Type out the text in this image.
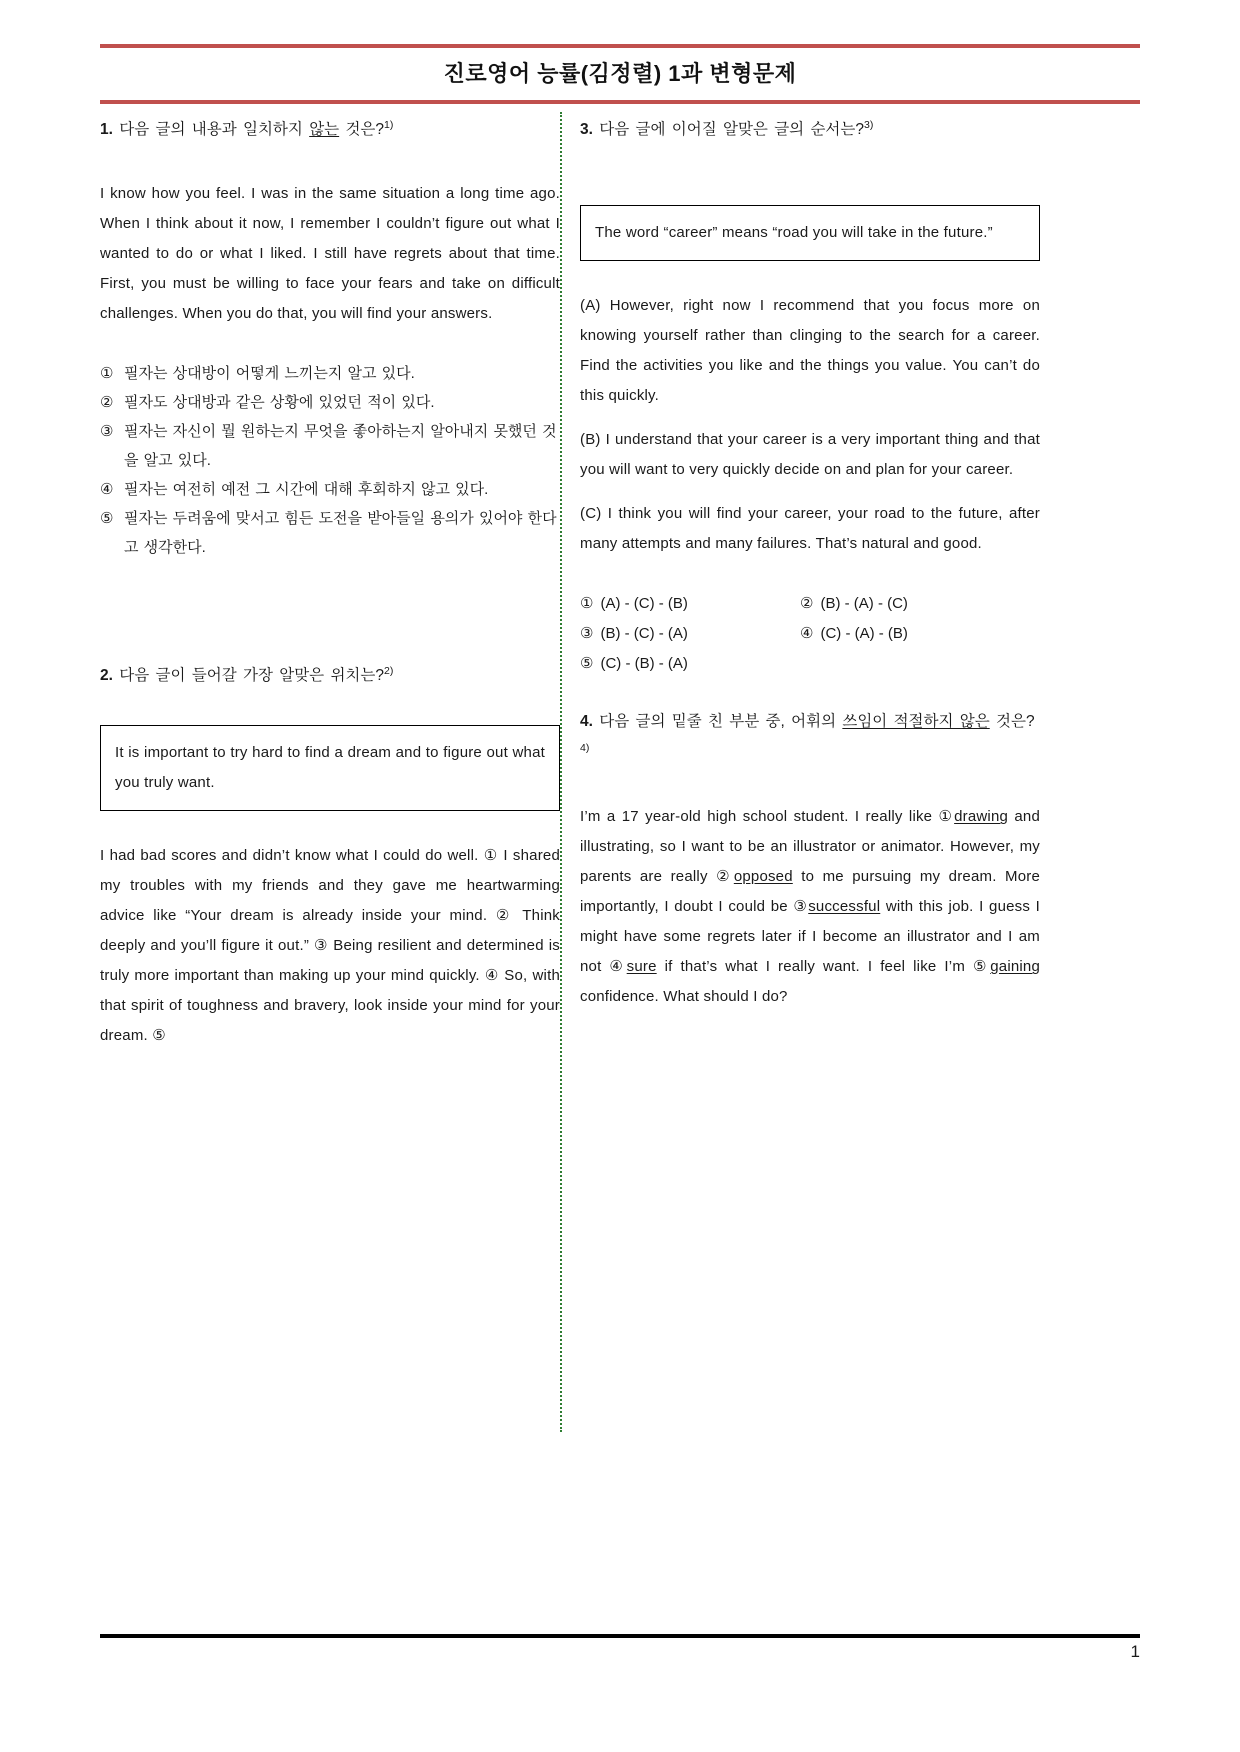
진로영어 능률(김정렬) 1과 변형문제
1. 다음 글의 내용과 일치하지 않는 것은?$^{1)}$

I know how you feel. I was in the same situation a long time ago. When I think about it now, I remember I couldn’t figure out what I wanted to do or what I liked. I still have regrets about that time. First, you must be willing to face your fears and take on difficult challenges. When you do that, you will find your answers.

① 필자는 상대방이 어떻게 느끼는지 알고 있다.
② 필자도 상대방과 같은 상황에 있었던 적이 있다.
③ 필자는 자신이 뭘 원하는지 무엇을 좋아하는지 알아내지 못했던 것을 알고 있다.
④ 필자는 여전히 예전 그 시간에 대해 후회하지 않고 있다.
⑤ 필자는 두려움에 맞서고 힘든 도전을 받아들일 용의가 있어야 한다고 생각한다.
2. 다음 글이 들어갈 가장 알맞은 위치는?$^{2)}$
It is important to try hard to find a dream and to figure out what you truly want.

I had bad scores and didn’t know what I could do well. ① I shared my troubles with my friends and they gave me heartwarming advice like “Your dream is already inside your mind. ② Think deeply and you’ll figure it out.” ③ Being resilient and determined is truly more important than making up your mind quickly. ④ So, with that spirit of toughness and bravery, look inside your mind for your dream. ⑤

3. 다음 글에 이어질 알맞은 글의 순서는?$^{3)}$
The word “career” means “road you will take in the future.”

(A) However, right now I recommend that you focus more on knowing yourself rather than clinging to the search for a career. Find the activities you like and the things you value. You can’t do this quickly.

(B) I understand that your career is a very important thing and that you will want to very quickly decide on and plan for your career.

(C) I think you will find your career, your road to the future, after many attempts and many failures. That’s natural and good.

① (A) - (C) - (B)	② (B) - (A) - (C)
③ (B) - (C) - (A)	④ (C) - (A) - (B)
⑤ (C) - (B) - (A)
4. 다음 글의 밑줄 친 부분 중, 어휘의 쓰임이 적절하지 않은 것은?$^{4)}$

I’m a 17 year-old high school student. I really like ①drawing and illustrating, so I want to be an illustrator or animator. However, my parents are really ②opposed to me pursuing my dream. More importantly, I doubt I could be ③successful with this job. I guess I might have some regrets later if I become an illustrator and I am not ④sure if that’s what I really want. I feel like I’m ⑤gaining confidence. What should I do?

1
